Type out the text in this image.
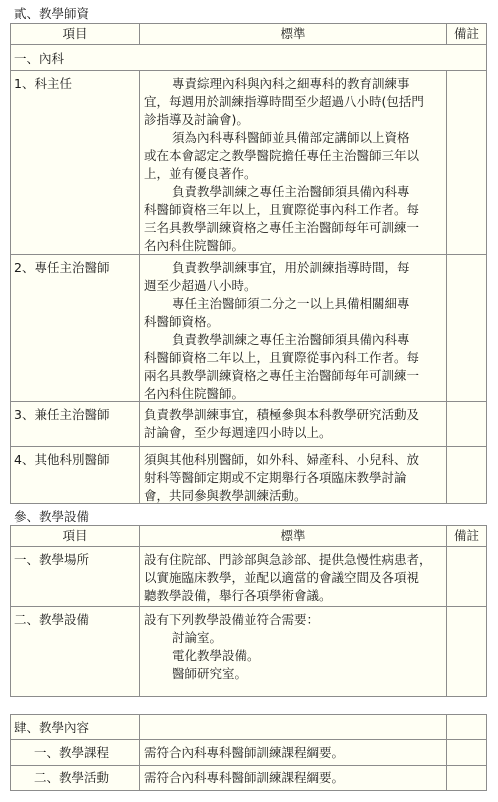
貳、教學師資
項目	標準	備註
一、內科
1、科主任	專責綜理內科與內科之細專科的教育訓練事
宜，每週用於訓練指導時間至少超過八小時(包括門
診指導及討論會)。
須為內科專科醫師並具備部定講師以上資格
或在本會認定之教學醫院擔任專任主治醫師三年以
上，並有優良著作。
負責教學訓練之專任主治醫師須具備內科專
科醫師資格三年以上，且實際從事內科工作者。每
三名具教學訓練資格之專任主治醫師每年可訓練一
名內科住院醫師。
2、專任主治醫師	負責教學訓練事宜，用於訓練指導時間，每
週至少超過八小時。
專任主治醫師須二分之一以上具備相關細專
科醫師資格。
負責教學訓練之專任主治醫師須具備內科專
科醫師資格二年以上，且實際從事內科工作者。每
兩名具教學訓練資格之專任主治醫師每年可訓練一
名內科住院醫師。
3、兼任主治醫師	負責教學訓練事宜，積極參與本科教學研究活動及
討論會，至少每週達四小時以上。
4、其他科別醫師	須與其他科別醫師，如外科、婦產科、小兒科、放
射科等醫師定期或不定期舉行各項臨床教學討論
會，共同參與教學訓練活動。
參、教學設備
項目	標準	備註
一、教學場所	設有住院部、門診部與急診部、提供急慢性病患者，
以實施臨床教學，並配以適當的會議空間及各項視
聽教學設備，舉行各項學術會議。
二、教學設備	設有下列教學設備並符合需要：
討論室。
電化教學設備。
醫師研究室。
肆、教學內容
一、教學課程	需符合內科專科醫師訓練課程綱要。
二、教學活動	需符合內科專科醫師訓練課程綱要。
